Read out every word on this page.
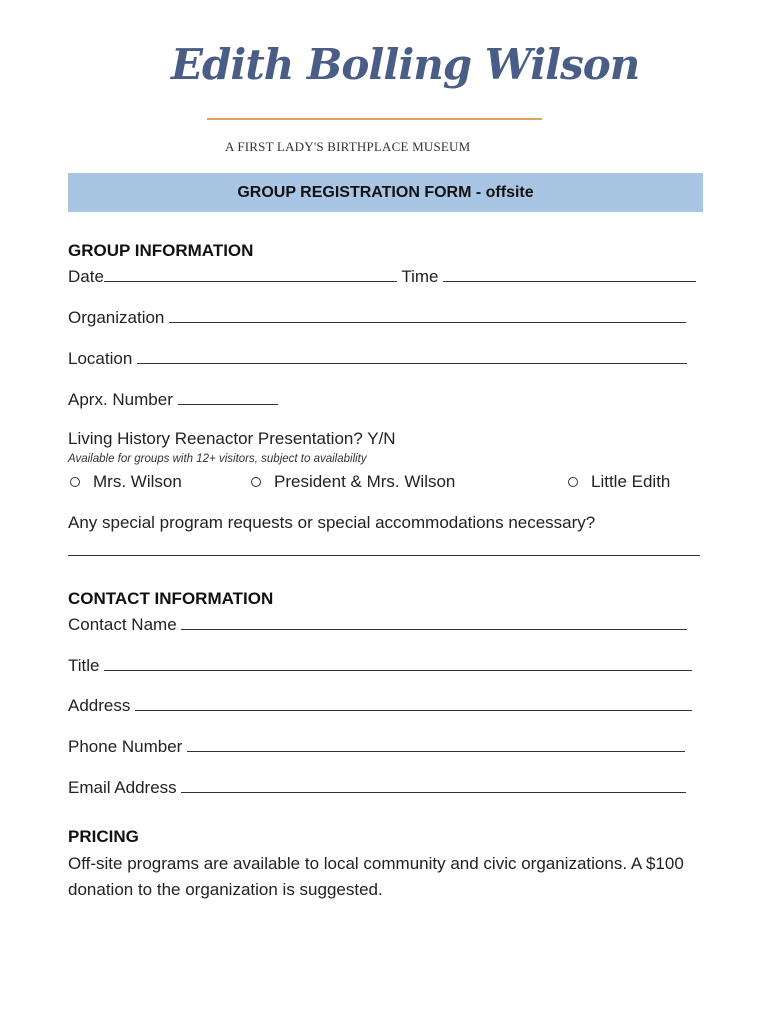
Edith Bolling Wilson
A FIRST LADY'S BIRTHPLACE MUSEUM
GROUP REGISTRATION FORM - offsite
GROUP INFORMATION
Date	Time
Organization
Location
Aprx. Number
Living History Reenactor Presentation? Y/N
Available for groups with 12+ visitors, subject to availability
Mrs. Wilson	President & Mrs. Wilson	Little Edith
Any special program requests or special accommodations necessary?
CONTACT INFORMATION
Contact Name
Title
Address
Phone Number
Email Address
PRICING
Off-site programs are available to local community and civic organizations. A $100 donation to the organization is suggested.
